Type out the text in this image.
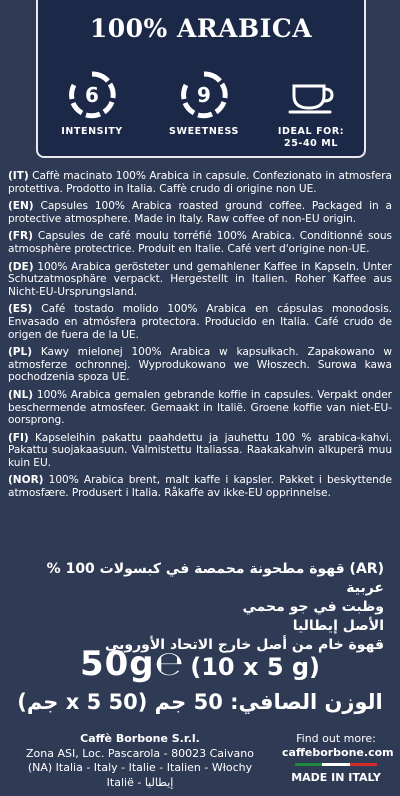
100% ARABICA
6
INTENSITY
9
SWEETNESS	IDEAL FOR:
25-40 ML
(IT) Caffè macinato 100% Arabica in capsule. Confezionato in atmosfera protettiva. Prodotto in Italia. Caffè crudo di origine non UE.
(EN) Capsules 100% Arabica roasted ground coffee. Packaged in a protective atmosphere. Made in Italy. Raw coffee of non-EU origin.
(FR) Capsules de café moulu torréfié 100% Arabica. Conditionné sous atmosphère protectrice. Produit en Italie. Café vert d'origine non-UE.
(DE) 100% Arabica gerösteter und gemahlener Kaffee in Kapseln. Unter Schutzatmosphäre verpackt. Hergestellt in Italien. Roher Kaffee aus Nicht-EU-Ursprungsland.
(ES) Café tostado molido 100% Arabica en cápsulas monodosis. Envasado en atmósfera protectora. Producido en Italia. Café crudo de origen de fuera de la UE.
(PL) Kawy mielonej 100% Arabica w kapsułkach. Zapakowano w atmosferze ochronnej. Wyprodukowano we Włoszech. Surowa kawa pochodzenia spoza UE.
(NL) 100% Arabica gemalen gebrande koffie in capsules. Verpakt onder beschermende atmosfeer. Gemaakt in Italië. Groene koffie van niet-EU-oorsprong.
(FI) Kapseleihin pakattu paahdettu ja jauhettu 100 % arabica-kahvi. Pakattu suojakaasuun. Valmistettu Italiassa. Raakakahvin alkuperä muu kuin EU.
(NOR) 100% Arabica brent, malt kaffe i kapsler. Pakket i beskyttende atmosfære. Produsert i Italia. Råkaffe av ikke-EU opprinnelse.
(AR) قهوة مطحونة محمصة في كبسولات 100 % عربية
وظبت في جو محمي
الأصل إيطاليا
قهوة خام من أصل خارج الاتحاد الأوروبي
50g℮ (10 x 5 g)
الوزن الصافي: 50 جم (50 x 5 جم)
Caffè Borbone S.r.l.
Zona ASI, Loc. Pascarola - 80023 Caivano
(NA) Italia - Italy - Italie - Italien - Włochy
Italië - إيطاليا
Find out more:
caffeborbone.com
MADE IN ITALY
